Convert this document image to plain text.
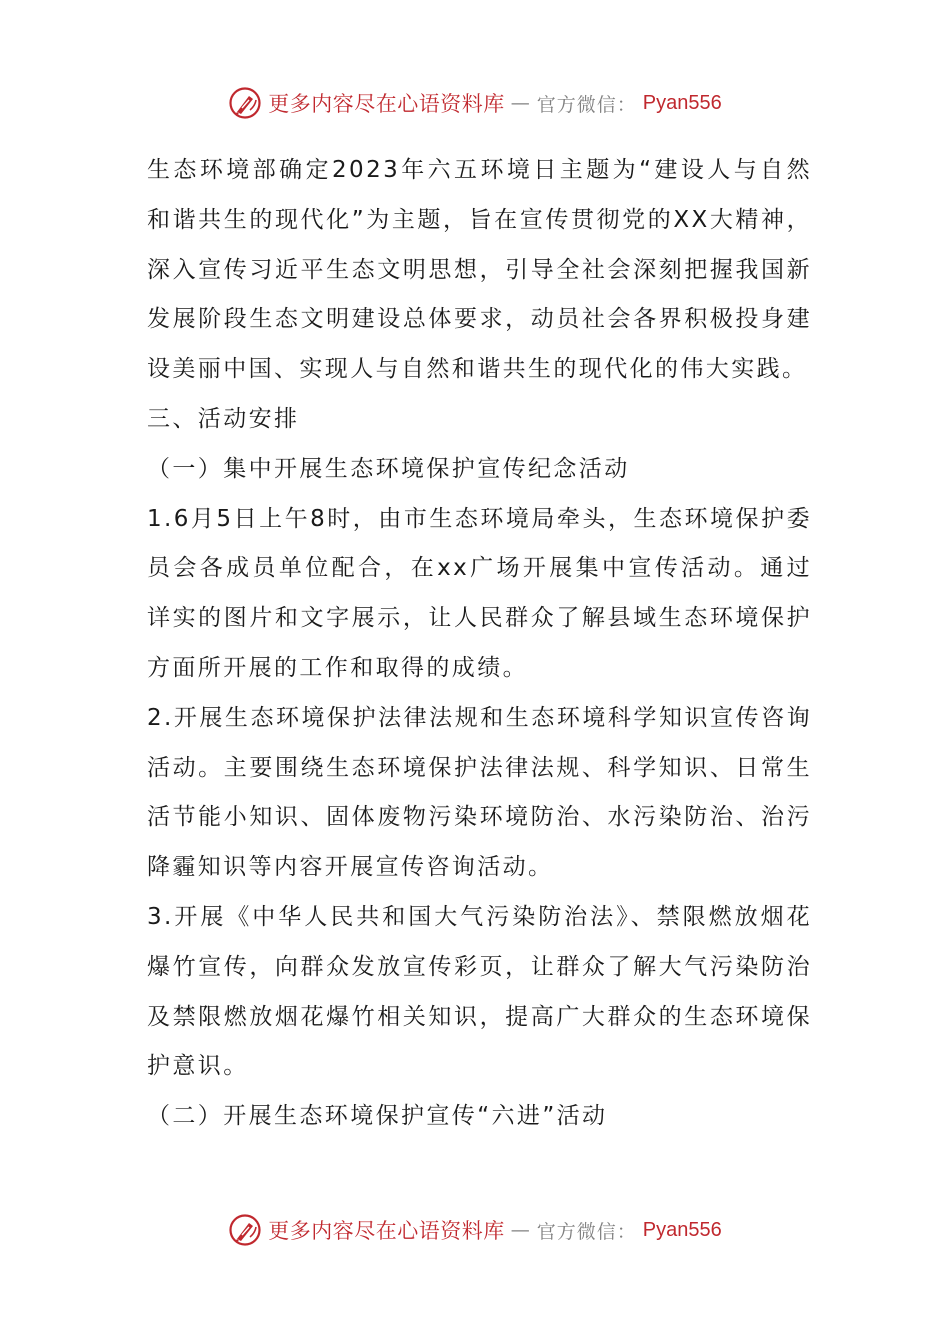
更多内容尽在心语资料库 — 官方微信： Pyan556

生态环境部确定2023年六五环境日主题为“建设人与自然和谐共生的现代化”为主题，旨在宣传贯彻党的XX大精神，深入宣传习近平生态文明思想，引导全社会深刻把握我国新发展阶段生态文明建设总体要求，动员社会各界积极投身建设美丽中国、实现人与自然和谐共生的现代化的伟大实践。

三、活动安排

（一）集中开展生态环境保护宣传纪念活动

1.6月5日上午8时，由市生态环境局牵头，生态环境保护委员会各成员单位配合，在xx广场开展集中宣传活动。通过详实的图片和文字展示，让人民群众了解县域生态环境保护方面所开展的工作和取得的成绩。

2.开展生态环境保护法律法规和生态环境科学知识宣传咨询活动。主要围绕生态环境保护法律法规、科学知识、日常生活节能小知识、固体废物污染环境防治、水污染防治、治污降霾知识等内容开展宣传咨询活动。

3.开展《中华人民共和国大气污染防治法》、禁限燃放烟花爆竹宣传，向群众发放宣传彩页，让群众了解大气污染防治及禁限燃放烟花爆竹相关知识，提高广大群众的生态环境保护意识。

（二）开展生态环境保护宣传“六进”活动

更多内容尽在心语资料库 — 官方微信： Pyan556
